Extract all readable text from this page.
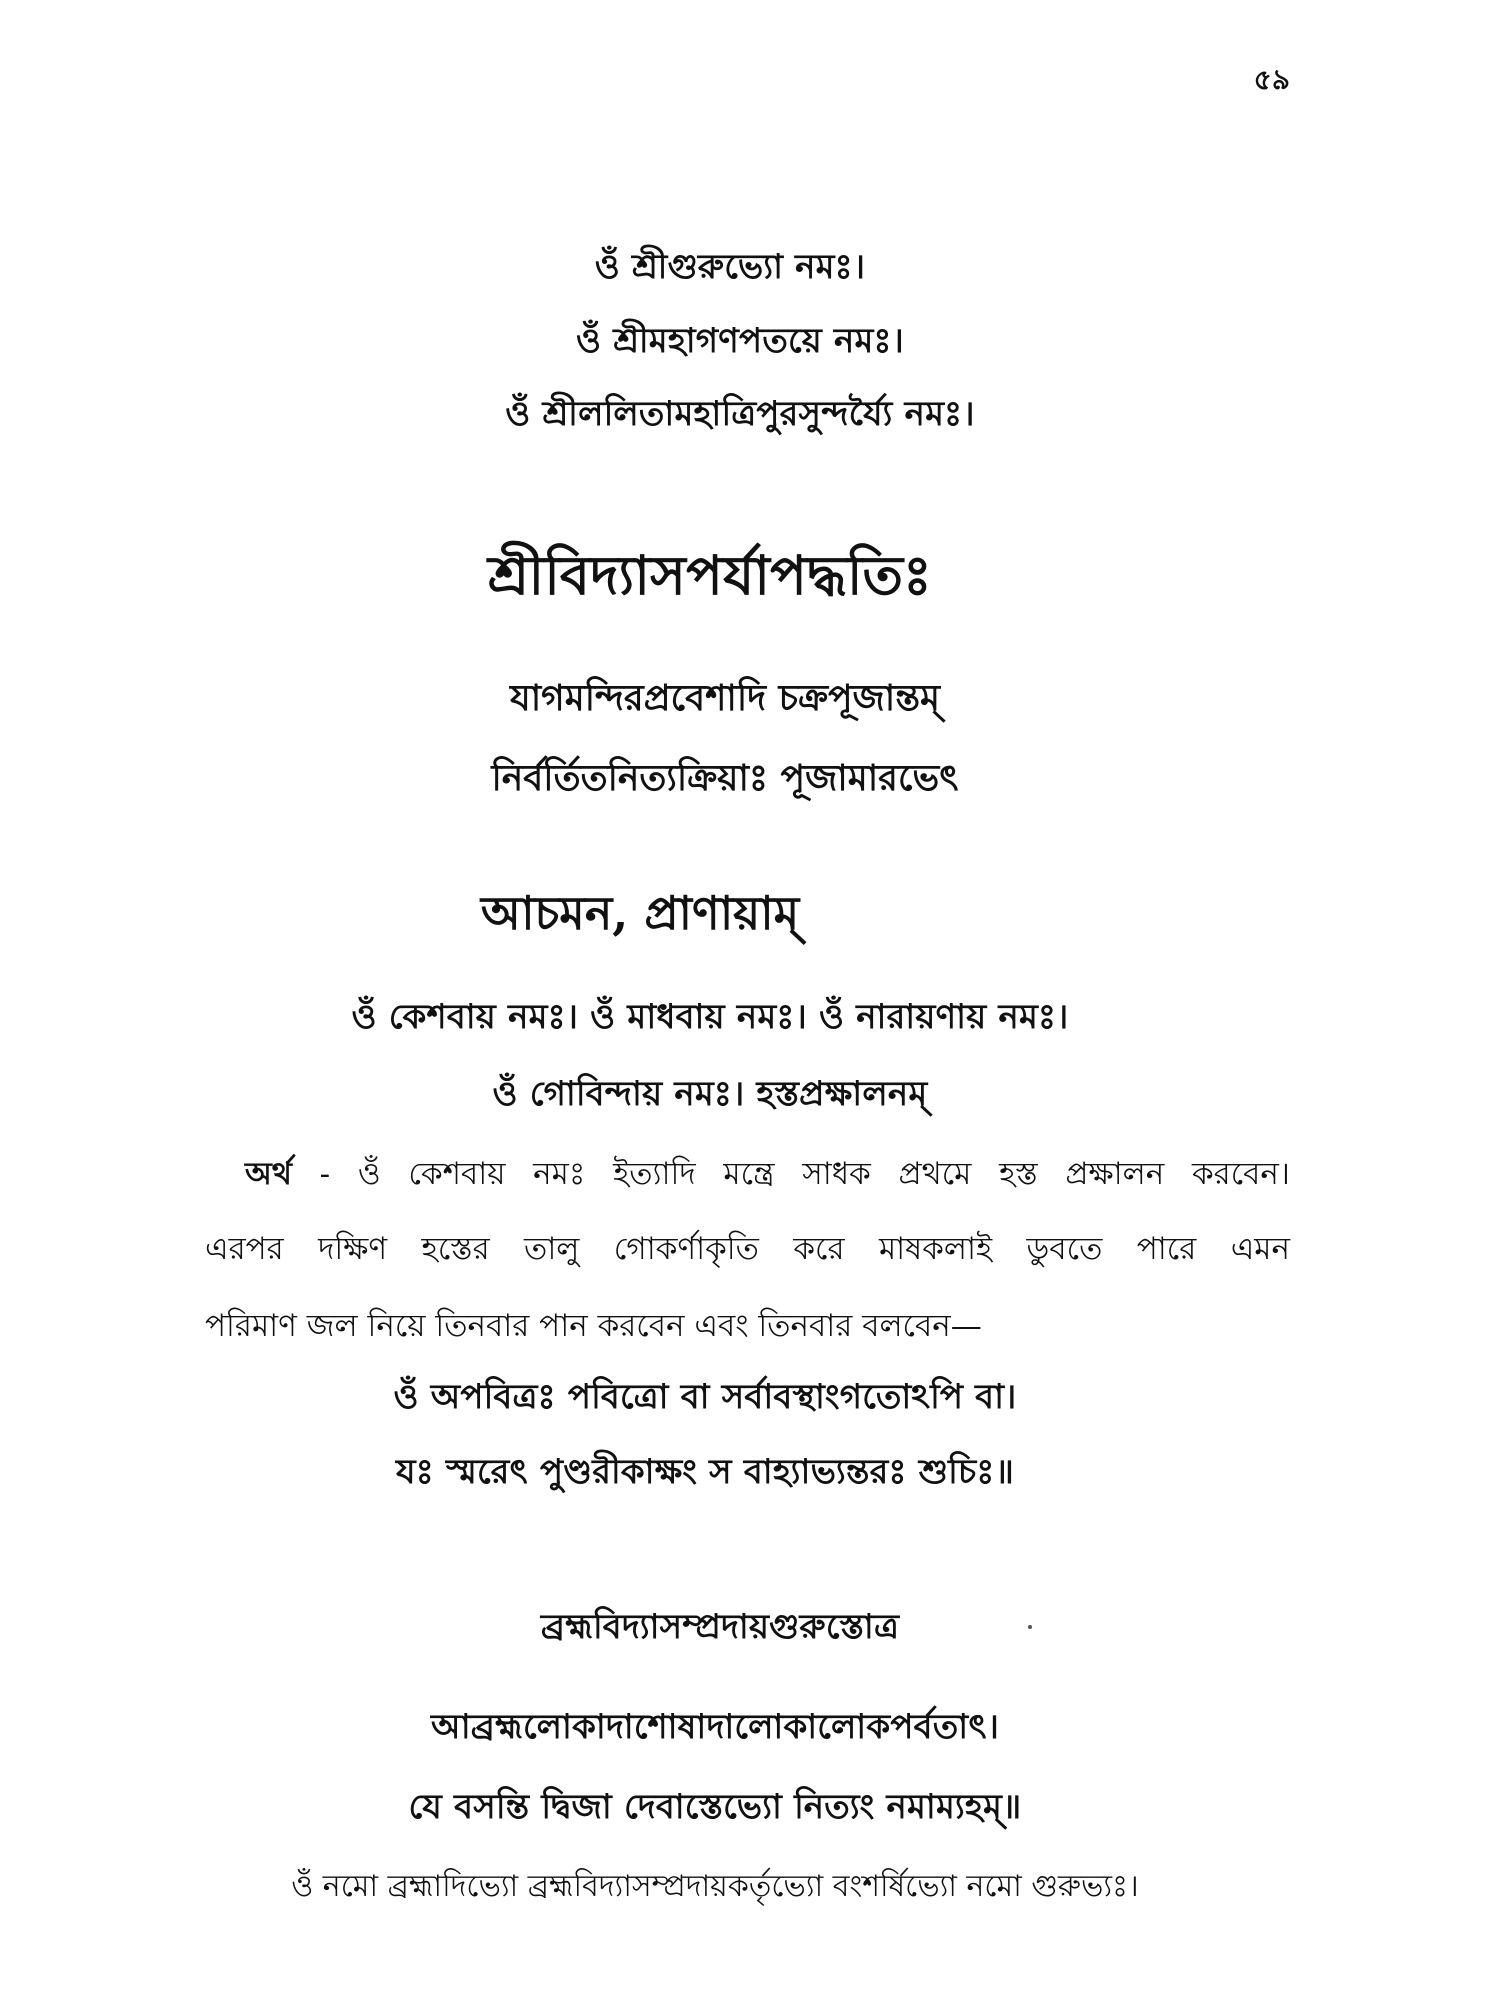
৫৯
ওঁ শ্রীগুরুভ্যো নমঃ।
ওঁ শ্রীমহাগণপতয়ে নমঃ।
ওঁ শ্রীললিতামহাত্রিপুরসুন্দর্য্যৈ নমঃ।
শ্রীবিদ্যাসপর্যাপদ্ধতিঃ
যাগমন্দিরপ্রবেশাদি চক্রপূজান্তম্
নির্বর্তিতনিত্যক্রিয়াঃ পূজামারভেৎ
আচমন, প্রাণায়াম্
ওঁ কেশবায় নমঃ। ওঁ মাধবায় নমঃ। ওঁ নারায়ণায় নমঃ।
ওঁ গোবিন্দায় নমঃ। হস্তপ্রক্ষালনম্
অর্থ - ওঁ কেশবায় নমঃ ইত্যাদি মন্ত্রে সাধক প্রথমে হস্ত প্রক্ষালন করবেন।
এরপর দক্ষিণ হস্তের তালু গোকর্ণাকৃতি করে মাষকলাই ডুবতে পারে এমন
পরিমাণ জল নিয়ে তিনবার পান করবেন এবং তিনবার বলবেন—
ওঁ অপবিত্রঃ পবিত্রো বা সর্বাবস্থাংগতোঽপি বা।
যঃ স্মরেৎ পুণ্ডরীকাক্ষং স বাহ্যাভ্যন্তরঃ শুচিঃ॥
ব্রহ্মবিদ্যাসম্প্রদায়গুরুস্তোত্র
আব্রহ্মলোকাদাশোষাদালোকালোকপর্বতাৎ।
যে বসন্তি দ্বিজা দেবাস্তেভ্যো নিত্যং নমাম্যহম্॥
ওঁ নমো ব্রহ্মাদিভ্যো ব্রহ্মবিদ্যাসম্প্রদায়কর্তৃভ্যো বংশর্ষিভ্যো নমো গুরুভ্যঃ।
